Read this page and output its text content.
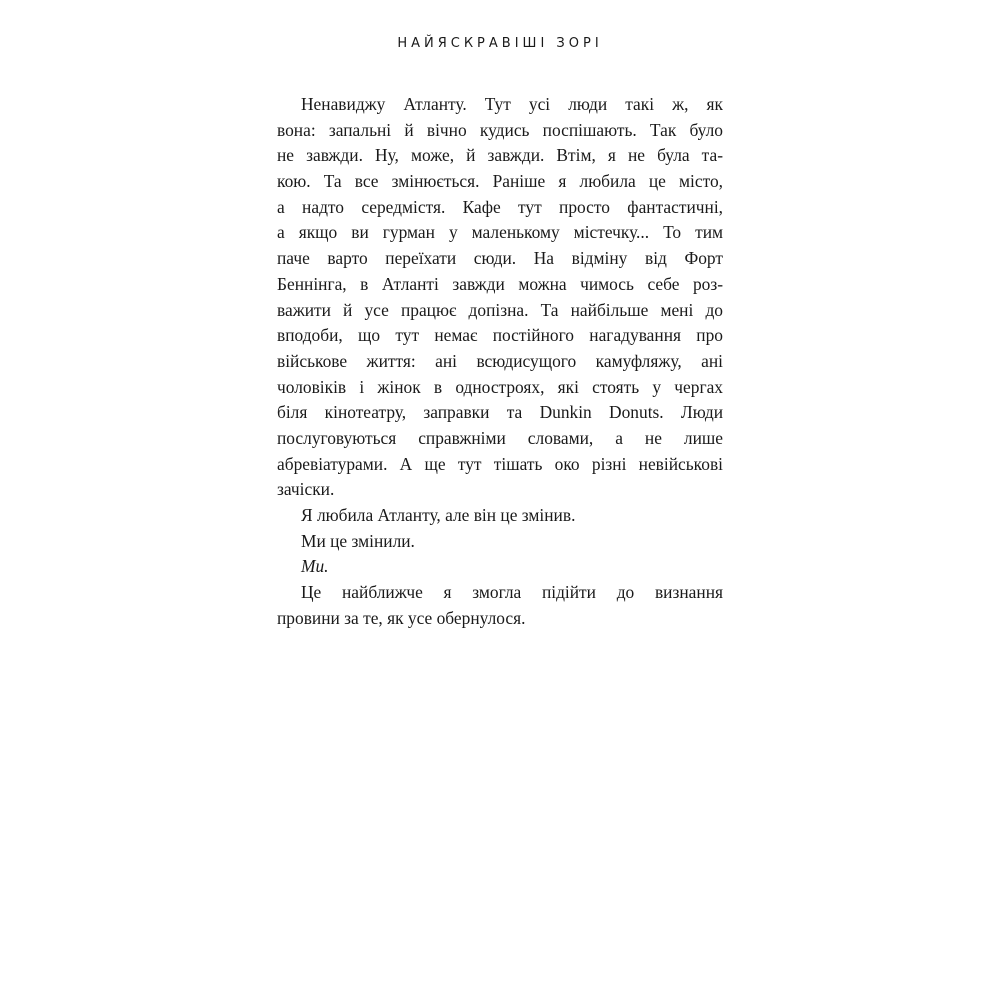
НАЙЯСКРАВІШІ ЗОРІ
Ненавиджу Атланту. Тут усі люди такі ж, як
вона: запальні й вічно кудись поспішають. Так було
не завжди. Ну, може, й завжди. Втім, я не була та-
кою. Та все змінюється. Раніше я любила це місто,
а надто середмістя. Кафе тут просто фантастичні,
а якщо ви гурман у маленькому містечку... То тим
паче варто переїхати сюди. На відміну від Форт
Беннінга, в Атланті завжди можна чимось себе роз-
важити й усе працює допізна. Та найбільше мені до
вподоби, що тут немає постійного нагадування про
військове життя: ані всюдисущого камуфляжу, ані
чоловіків і жінок в одностроях, які стоять у чергах
біля кінотеатру, заправки та Dunkin Donuts. Люди
послуговуються справжніми словами, а не лише
абревіатурами. А ще тут тішать око різні невійськові
зачіски.
Я любила Атланту, але він це змінив.
Ми це змінили.
Ми.
Це найближче я змогла підійти до визнання
провини за те, як усе обернулося.
